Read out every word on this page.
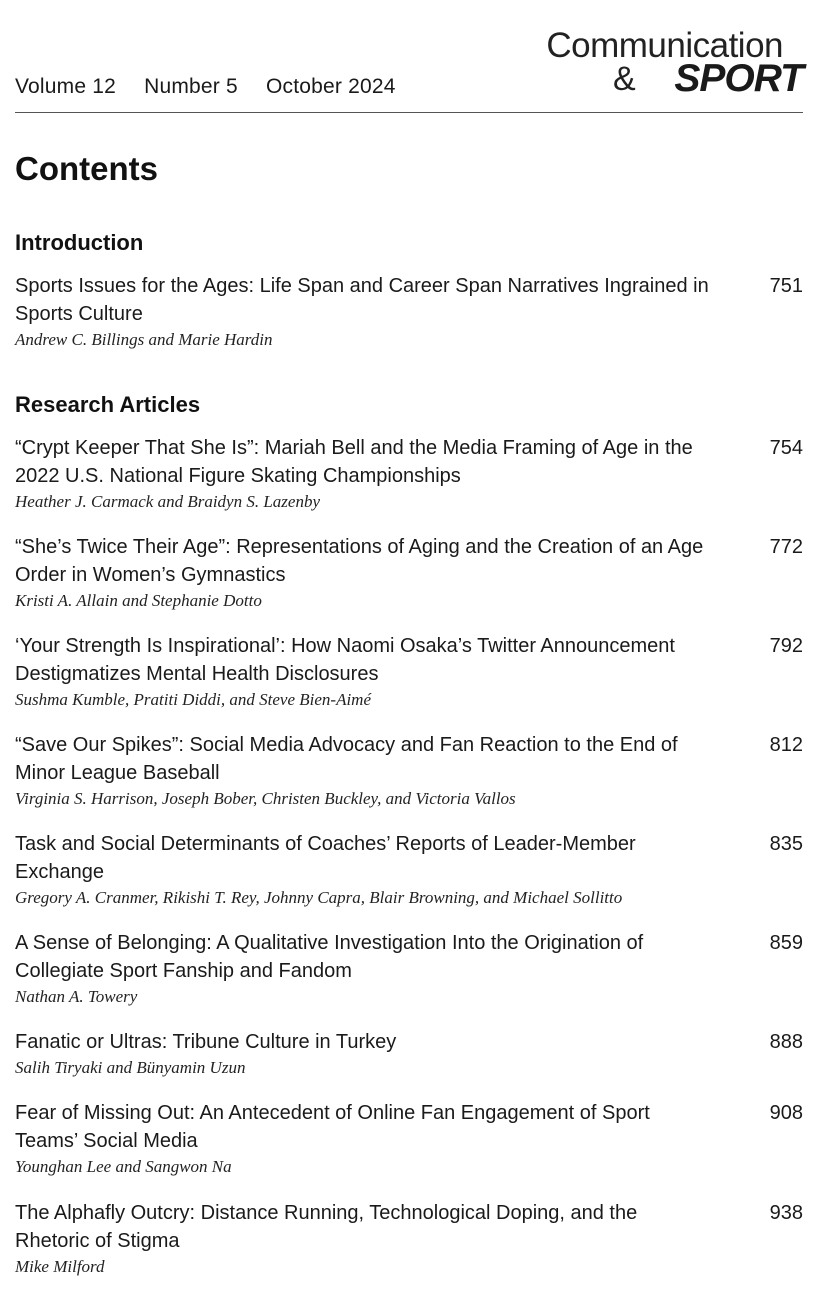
Volume 12 Number 5 October 2024
Communication
& SPORT
Contents
Introduction
Sports Issues for the Ages: Life Span and Career Span Narratives Ingrained in Sports Culture
751
Andrew C. Billings and Marie Hardin
Research Articles
“Crypt Keeper That She Is”: Mariah Bell and the Media Framing of Age in the 2022 U.S. National Figure Skating Championships
754
Heather J. Carmack and Braidyn S. Lazenby
“She’s Twice Their Age”: Representations of Aging and the Creation of an Age Order in Women’s Gymnastics
772
Kristi A. Allain and Stephanie Dotto
‘Your Strength Is Inspirational’: How Naomi Osaka’s Twitter Announcement Destigmatizes Mental Health Disclosures
792
Sushma Kumble, Pratiti Diddi, and Steve Bien-Aimé
“Save Our Spikes”: Social Media Advocacy and Fan Reaction to the End of Minor League Baseball
812
Virginia S. Harrison, Joseph Bober, Christen Buckley, and Victoria Vallos
Task and Social Determinants of Coaches’ Reports of Leader-Member Exchange
835
Gregory A. Cranmer, Rikishi T. Rey, Johnny Capra, Blair Browning, and Michael Sollitto
A Sense of Belonging: A Qualitative Investigation Into the Origination of Collegiate Sport Fanship and Fandom
859
Nathan A. Towery
Fanatic or Ultras: Tribune Culture in Turkey	888
Salih Tiryaki and Bünyamin Uzun
Fear of Missing Out: An Antecedent of Online Fan Engagement of Sport Teams’ Social Media
908
Younghan Lee and Sangwon Na
The Alphafly Outcry: Distance Running, Technological Doping, and the Rhetoric of Stigma
938
Mike Milford
